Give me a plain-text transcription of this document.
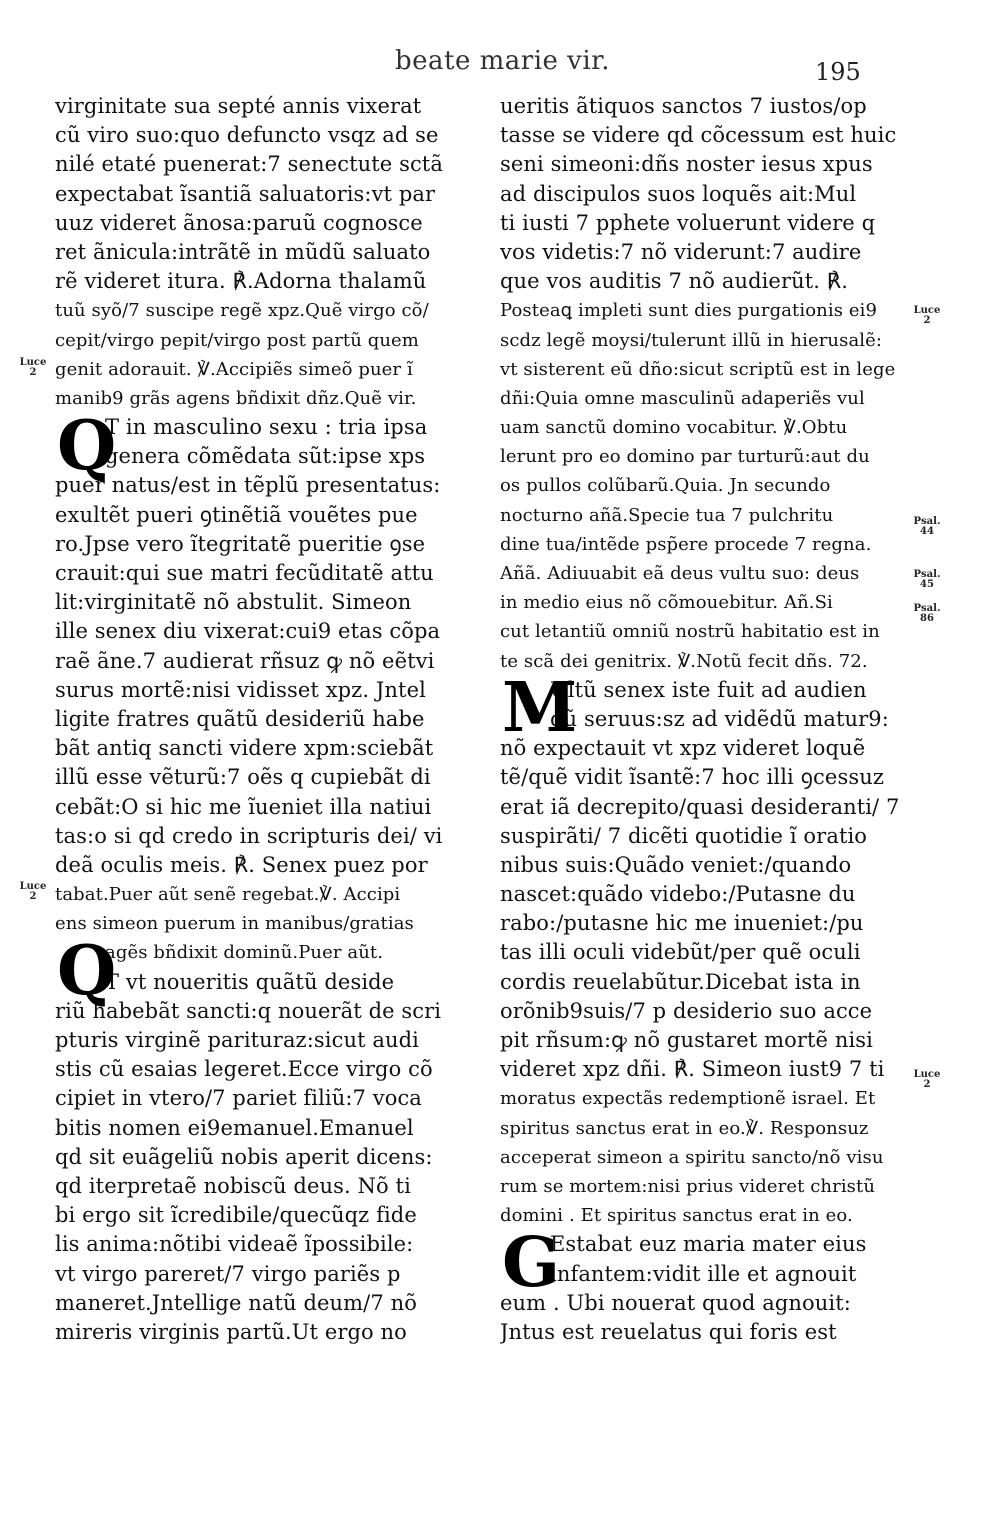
beate marie vir.	195
virginitate sua septé annis vixerat
cũ viro suo:quo defuncto vsqz ad se
nilé etaté puenerat:7 senectute sctã
expectabat ĩsantiã saluatoris:vt par
uuz videret ãnosa:paruũ cognosce
ret ãnicula:intrãtẽ in mũdũ saluato
rẽ videret itura. ℟.Adorna thalamũ
tuũ syõ/7 suscipe regẽ xpz.Quẽ virgo cõ/
cepit/virgo pepit/virgo post partũ quem
genit adorauit. ℣.Accipiẽs simeõ puer ĩ
manib9 grãs agens bñdixit dñz.Quẽ vir.
T in masculino sexu : tria ipsa
genera cõmẽdata sũt:ipse xps
puer natus/est in tẽplũ presentatus:
exultẽt pueri ꝯtinẽtiã vouẽtes pue
ro.Jpse vero ĩtegritatẽ pueritie ꝯse
crauit:qui sue matri fecũditatẽ attu
lit:virginitatẽ nõ abstulit. Simeon
ille senex diu vixerat:cui9 etas cõpa
raẽ ãne.7 audierat rñsuz ꝙ nõ eẽtvi
surus mortẽ:nisi vidisset xpz. Jntel
ligite fratres quãtũ desideriũ habe
bãt antiq sancti videre xpm:sciebãt
illũ esse vẽturũ:7 oẽs q cupiebãt di
cebãt:O si hic me ĩueniet illa natiui
tas:o si qd credo in scripturis dei/ vi
deã oculis meis. ℟. Senex puez por
tabat.Puer aũt senẽ regebat.℣. Accipi
ens simeon puerum in manibus/gratias
agẽs bñdixit dominũ.Puer aũt.
T vt noueritis quãtũ deside
riũ habebãt sancti:q nouerãt de scri
pturis virginẽ parituraz:sicut audi
stis cũ esaias legeret.Ecce virgo cõ
cipiet in vtero/7 pariet filiũ:7 voca
bitis nomen ei9emanuel.Emanuel
qd sit euãgeliũ nobis aperit dicens:
qd iterpretaẽ nobiscũ deus. Nõ ti
bi ergo sit ĩcredibile/quecũqz fide
lis anima:nõtibi videaẽ ĩpossibile:
vt virgo pareret/7 virgo pariẽs p
maneret.Jntellige natũ deum/7 nõ
mireris virginis partũ.Ut ergo no
Q
Q
ueritis ãtiquos sanctos 7 iustos/op
tasse se videre qd cõcessum est huic
seni simeoni:dñs noster iesus xpus
ad discipulos suos loquẽs ait:Mul
ti iusti 7 pphete voluerunt videre q
vos videtis:7 nõ viderunt:7 audire
que vos auditis 7 nõ audierũt. ℟.
Posteaꝗ impleti sunt dies purgationis ei9
scdz legẽ moysi/tulerunt illũ in hierusalẽ:
vt sisterent eũ dño:sicut scriptũ est in lege
dñi:Quia omne masculinũ adaperiẽs vul
uam sanctũ domino vocabitur. ℣.Obtu
lerunt pro eo domino par turturũ:aut du
os pullos colũbarũ.Quia. Jn secundo
nocturno añã.Specie tua 7 pulchritu
dine tua/intẽde psp̃ere procede 7 regna.
Añã. Adiuuabit eã deus vultu suo: deus
in medio eius nõ cõmouebitur. Añ.Si
cut letantiũ omniũ nostrũ habitatio est in
te scã dei genitrix. ℣.Notũ fecit dñs. 72.
Ultũ senex iste fuit ad audien
dũ seruus:sz ad vidẽdũ matur9:
nõ expectauit vt xpz videret loquẽ
tẽ/quẽ vidit ĩsantẽ:7 hoc illi ꝯcessuz
erat iã decrepito/quasi desideranti/ 7
suspirãti/ 7 dicẽti quotidie ĩ oratio
nibus suis:Quãdo veniet:/quando
nascet:quãdo videbo:/Putasne du
rabo:/putasne hic me inueniet:/pu
tas illi oculi videbũt/per quẽ oculi
cordis reuelabũtur.Dicebat ista in
orõnib9suis/7 p desiderio suo acce
pit rñsum:ꝙ nõ gustaret mortẽ nisi
videret xpz dñi. ℟. Simeon iust9 7 ti
moratus expectãs redemptionẽ israel. Et
spiritus sanctus erat in eo.℣. Responsuz
acceperat simeon a spiritu sancto/nõ visu
rum se mortem:nisi prius videret christũ
domini . Et spiritus sanctus erat in eo.
Estabat euz maria mater eius
infantem:vidit ille et agnouit
eum . Ubi nouerat quod agnouit:
Jntus est reuelatus qui foris est
M
G
Luce 2
Luce 2
Luce 2
Luce 2
Psal. 44
Psal. 45
Psal. 86
